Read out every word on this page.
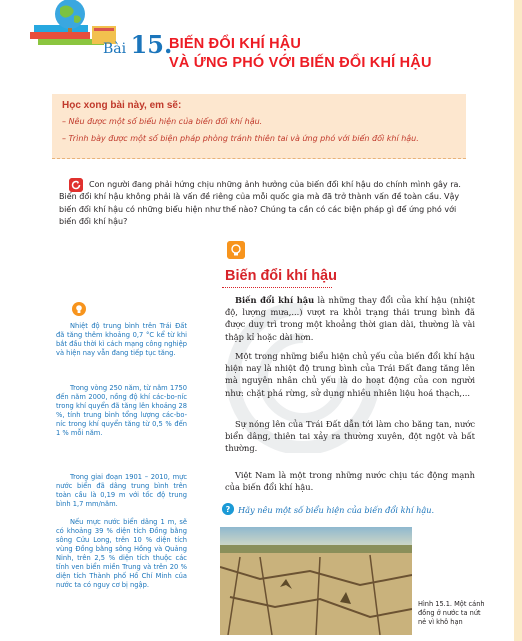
Bài 15.
BIẾN ĐỔI KHÍ HẬU
VÀ ỨNG PHÓ VỚI BIẾN ĐỔI KHÍ HẬU
Học xong bài này, em sẽ:
– Nêu được một số biểu hiện của biến đổi khí hậu.
– Trình bày được một số biện pháp phòng tránh thiên tai và ứng phó với biến đổi khí hậu.
Con người đang phải hứng chịu những ảnh hưởng của biến đổi khí hậu do chính mình gây ra. Biến đổi khí hậu không phải là vấn đề riêng của mỗi quốc gia mà đã trở thành vấn đề toàn cầu. Vậy biến đổi khí hậu có những biểu hiện như thế nào? Chúng ta cần có các biện pháp gì để ứng phó với biến đổi khí hậu?
Biến đổi khí hậu
Biến đổi khí hậu là những thay đổi của khí hậu (nhiệt độ, lượng mưa,...) vượt ra khỏi trạng thái trung bình đã được duy trì trong một khoảng thời gian dài, thường là vài thập kỉ hoặc dài hơn.
Một trong những biểu hiện chủ yếu của biến đổi khí hậu hiện nay là nhiệt độ trung bình của Trái Đất đang tăng lên mà nguyên nhân chủ yếu là do hoạt động của con người như: chặt phá rừng, sử dụng nhiều nhiên liệu hoá thạch,...
Sự nóng lên của Trái Đất dẫn tới làm cho băng tan, nước biển dâng, thiên tai xảy ra thường xuyên, đột ngột và bất thường.
Việt Nam là một trong những nước chịu tác động mạnh của biến đổi khí hậu.
? Hãy nêu một số biểu hiện của biến đổi khí hậu.
Hình 15.1. Một cánh đồng ở nước ta nứt nẻ vì khô hạn
Nhiệt độ trung bình trên Trái Đất đã tăng thêm khoảng 0,7 °C kể từ khi bắt đầu thời kì cách mạng công nghiệp và hiện nay vẫn đang tiếp tục tăng.
Trong vòng 250 năm, từ năm 1750 đến năm 2000, nồng độ khí các-bo-níc trong khí quyển đã tăng lên khoảng 28 %, tính trung bình tổng lượng các-bo-níc trong khí quyển tăng từ 0,5 % đến 1 % mỗi năm.
Trong giai đoạn 1901 – 2010, mực nước biển đã dâng trung bình trên toàn cầu là 0,19 m với tốc độ trung bình 1,7 mm/năm.
Nếu mực nước biển dâng 1 m, sẽ có khoảng 39 % diện tích Đồng bằng sông Cửu Long, trên 10 % diện tích vùng Đồng bằng sông Hồng và Quảng Ninh, trên 2,5 % diện tích thuộc các tỉnh ven biển miền Trung và trên 20 % diện tích Thành phố Hồ Chí Minh của nước ta có nguy cơ bị ngập.
